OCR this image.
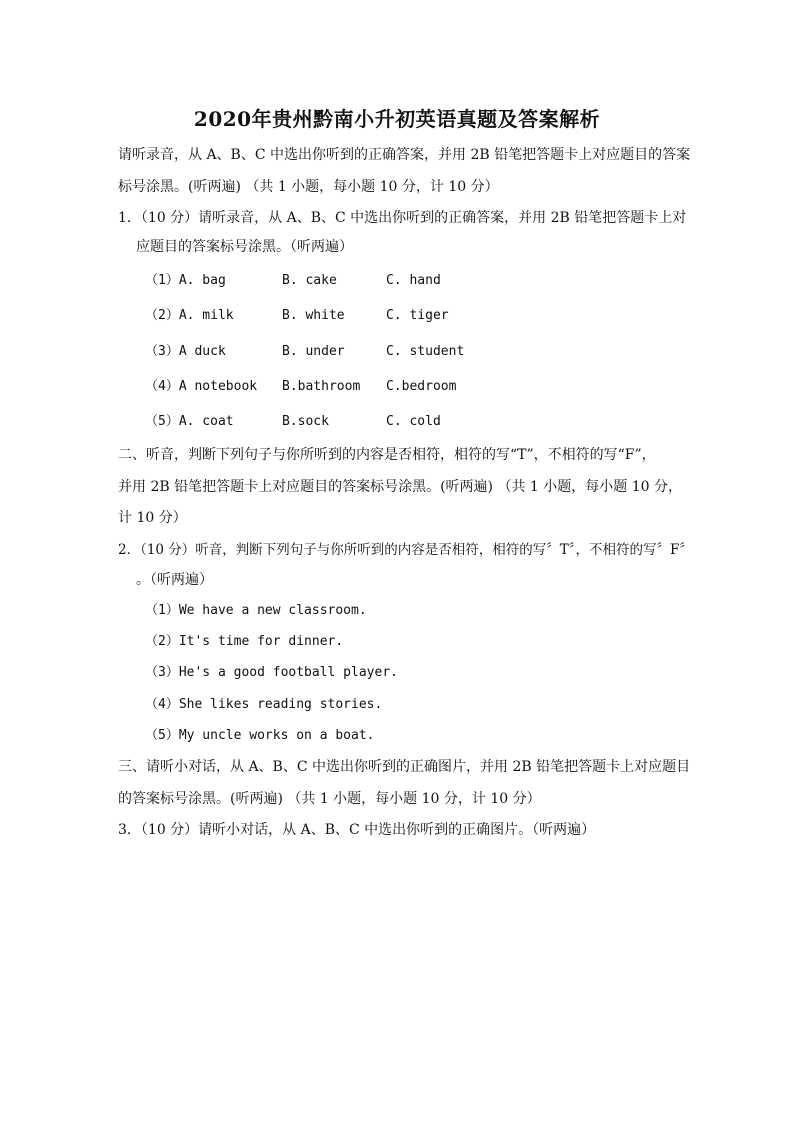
2020年贵州黔南小升初英语真题及答案解析
请听录音，从 A、B、C 中选出你听到的正确答案，并用 2B 铅笔把答题卡上对应题目的答案
标号涂黑。(听两遍) （共 1 小题，每小题 10 分，计 10 分）
1．（10 分）请听录音，从 A、B、C 中选出你听到的正确答案，并用 2B 铅笔把答题卡上对
应题目的答案标号涂黑。（听两遍）
（1）A. bag	B. cake	C. hand
（2）A. milk	B. white	C. tiger
（3）A duck	B. under	C. student
（4）A notebook B.bathroom C.bedroom
（5）A. coat	B.sock	C. cold
二、听音，判断下列句子与你所听到的内容是否相符，相符的写“T”，不相符的写“F”，
并用 2B 铅笔把答题卡上对应题目的答案标号涂黑。(听两遍) （共 1 小题，每小题 10 分，
计 10 分）
2．（10 分）听音，判断下列句子与你所听到的内容是否相符，相符的写〞T〞，不相符的写〞F〞
。（听两遍）
（1）We have a new classroom.
（2）It's time for dinner.
（3）He's a good football player.
（4）She likes reading stories.
（5）My uncle works on a boat.
三、请听小对话，从 A、B、C 中选出你听到的正确图片，并用 2B 铅笔把答题卡上对应题目
的答案标号涂黑。(听两遍) （共 1 小题，每小题 10 分，计 10 分）
3．（10 分）请听小对话，从 A、B、C 中选出你听到的正确图片。（听两遍）
